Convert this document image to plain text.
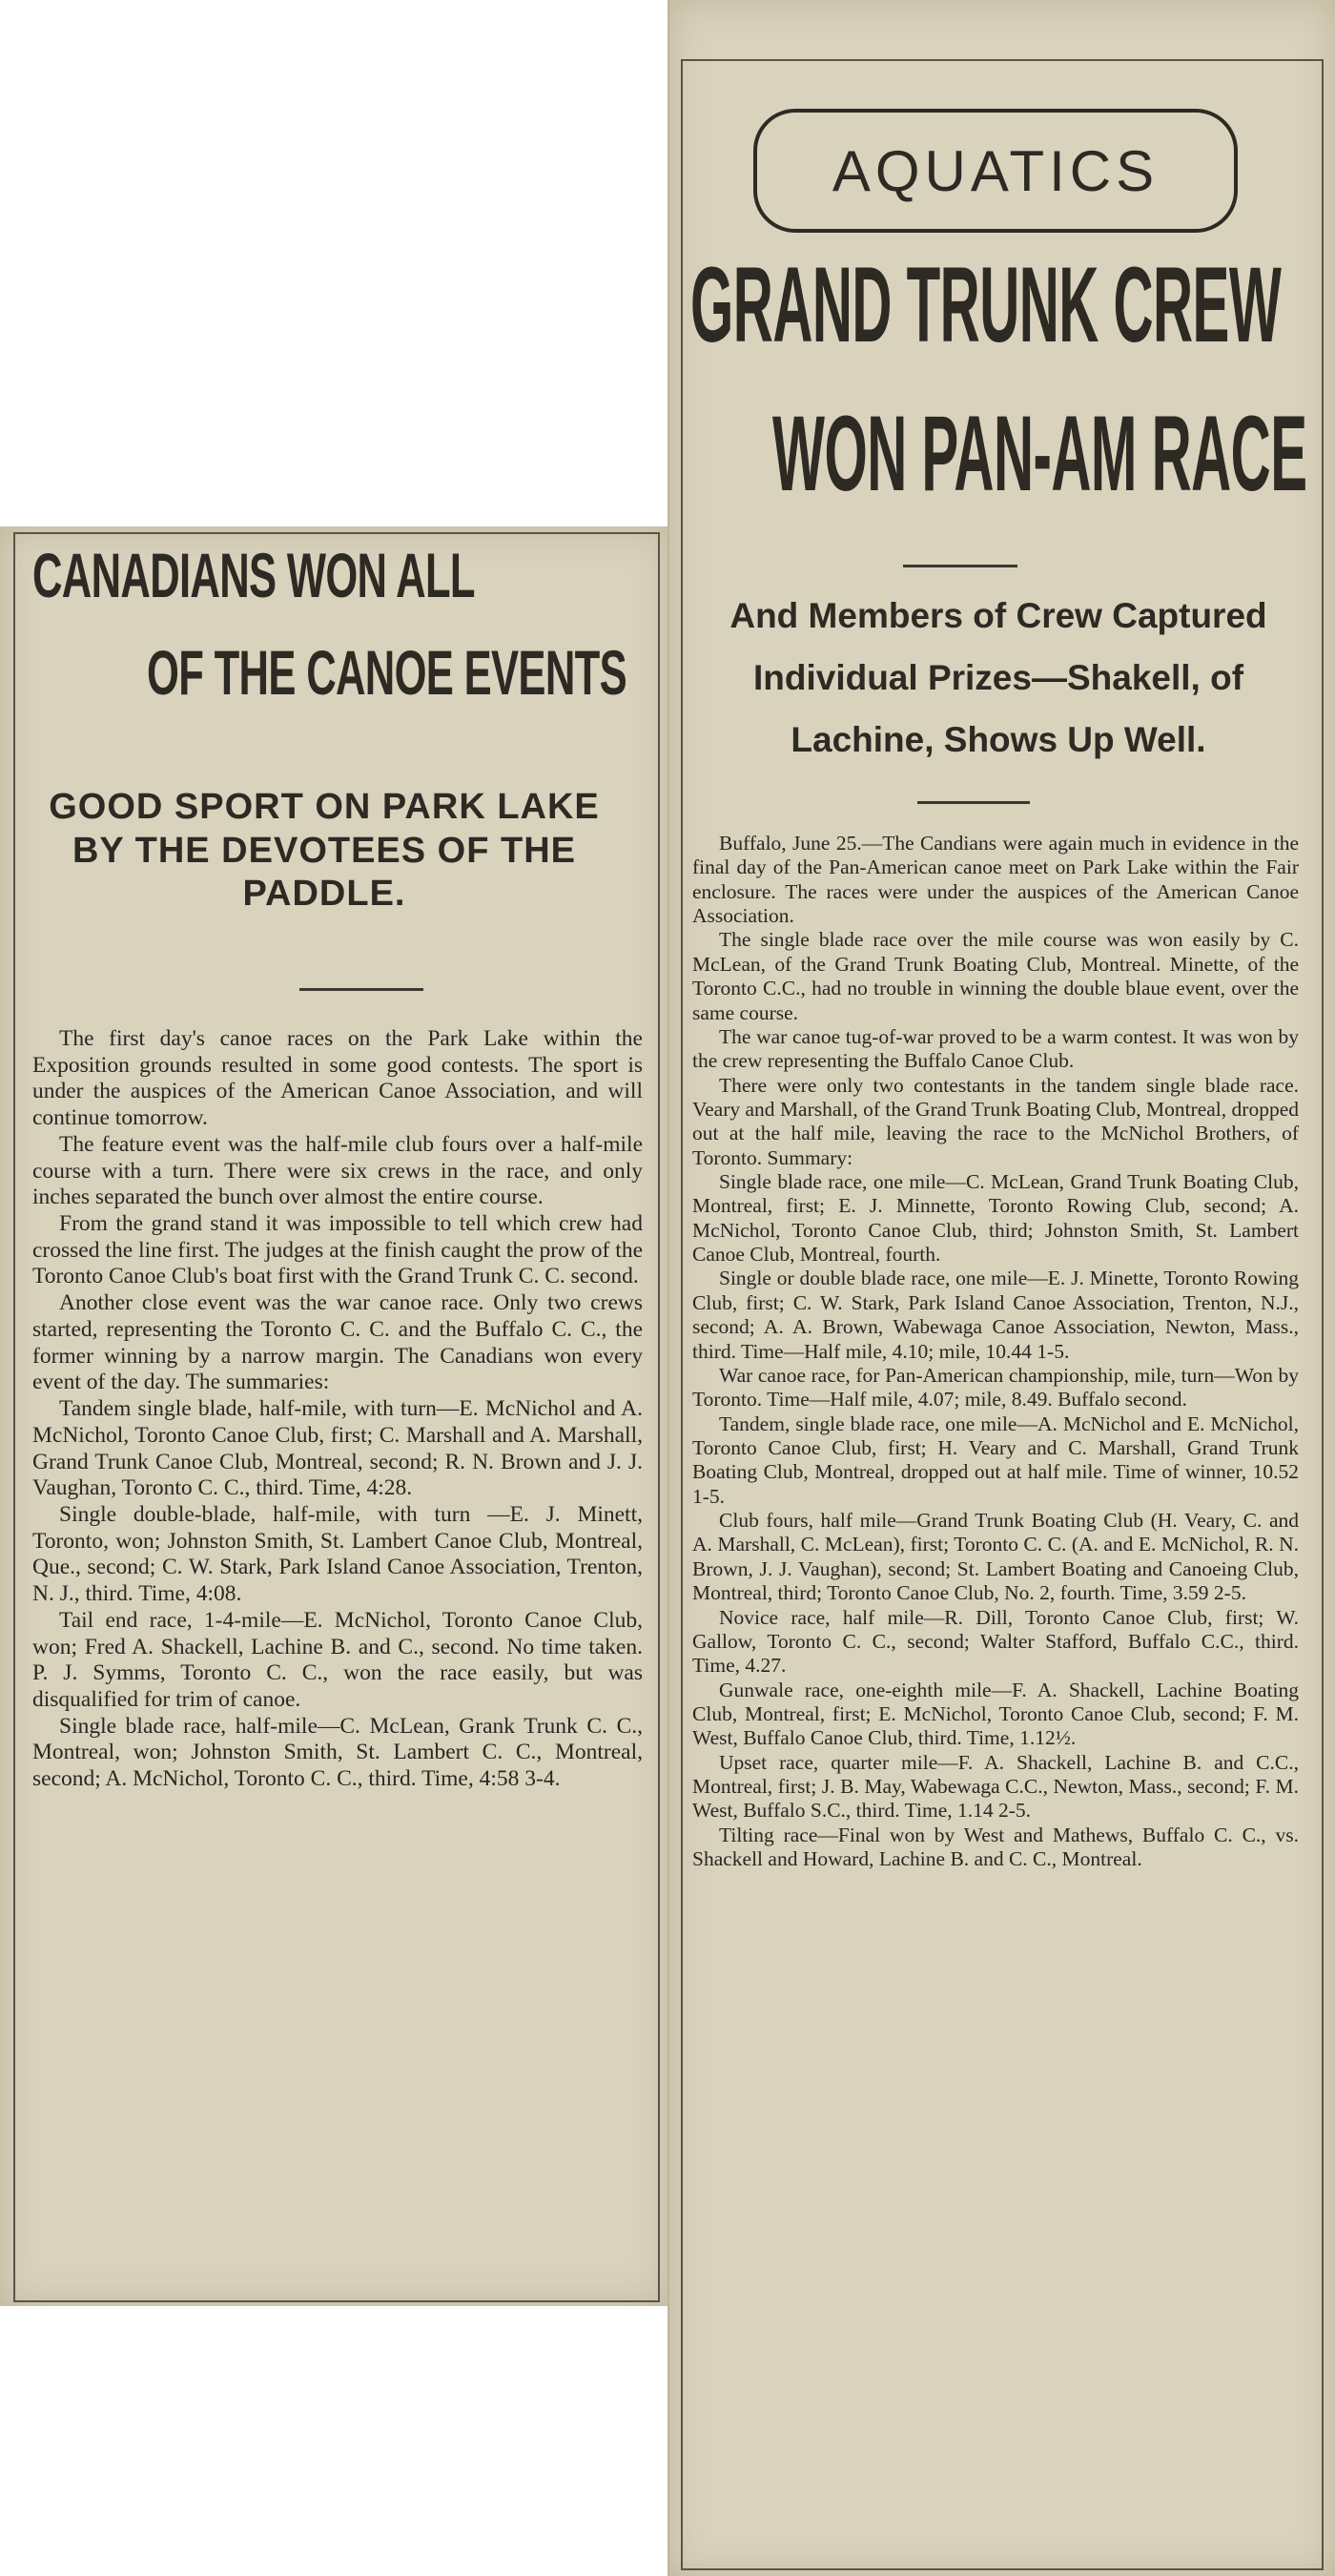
CANADIANS WON ALL
OF THE CANOE EVENTS
GOOD SPORT ON PARK LAKE BY THE DEVOTEES OF THE PADDLE.

The first day's canoe races on the Park Lake within the Exposition grounds resulted in some good contests. The sport is under the auspices of the American Canoe Association, and will continue tomorrow.

The feature event was the half-mile club fours over a half-mile course with a turn. There were six crews in the race, and only inches separated the bunch over almost the entire course.

From the grand stand it was impossible to tell which crew had crossed the line first. The judges at the finish caught the prow of the Toronto Canoe Club's boat first with the Grand Trunk C. C. second.

Another close event was the war canoe race. Only two crews started, representing the Toronto C. C. and the Buffalo C. C., the former winning by a narrow margin. The Canadians won every event of the day. The summaries:

Tandem single blade, half-mile, with turn—E. McNichol and A. McNichol, Toronto Canoe Club, first; C. Marshall and A. Marshall, Grand Trunk Canoe Club, Montreal, second; R. N. Brown and J. J. Vaughan, Toronto C. C., third. Time, 4:28.

Single double-blade, half-mile, with turn —E. J. Minett, Toronto, won; Johnston Smith, St. Lambert Canoe Club, Montreal, Que., second; C. W. Stark, Park Island Canoe Association, Trenton, N. J., third. Time, 4:08.

Tail end race, 1-4-mile—E. McNichol, Toronto Canoe Club, won; Fred A. Shackell, Lachine B. and C., second. No time taken. P. J. Symms, Toronto C. C., won the race easily, but was disqualified for trim of canoe.

Single blade race, half-mile—C. McLean, Grank Trunk C. C., Montreal, won; Johnston Smith, St. Lambert C. C., Montreal, second; A. McNichol, Toronto C. C., third. Time, 4:58 3-4.

AQUATICS
GRAND TRUNK CREW
WON PAN-AM RACE
And Members of Crew Captured Individual Prizes—Shakell, of Lachine, Shows Up Well.

Buffalo, June 25.—The Candians were again much in evidence in the final day of the Pan-American canoe meet on Park Lake within the Fair enclosure. The races were under the auspices of the American Canoe Association.

The single blade race over the mile course was won easily by C. McLean, of the Grand Trunk Boating Club, Montreal. Minette, of the Toronto C.C., had no trouble in winning the double blaue event, over the same course.

The war canoe tug-of-war proved to be a warm contest. It was won by the crew representing the Buffalo Canoe Club.

There were only two contestants in the tandem single blade race. Veary and Marshall, of the Grand Trunk Boating Club, Montreal, dropped out at the half mile, leaving the race to the McNichol Brothers, of Toronto. Summary:

Single blade race, one mile—C. McLean, Grand Trunk Boating Club, Montreal, first; E. J. Minnette, Toronto Rowing Club, second; A. McNichol, Toronto Canoe Club, third; Johnston Smith, St. Lambert Canoe Club, Montreal, fourth.

Single or double blade race, one mile—E. J. Minette, Toronto Rowing Club, first; C. W. Stark, Park Island Canoe Association, Trenton, N.J., second; A. A. Brown, Wabewaga Canoe Association, Newton, Mass., third. Time—Half mile, 4.10; mile, 10.44 1-5.

War canoe race, for Pan-American championship, mile, turn—Won by Toronto. Time—Half mile, 4.07; mile, 8.49. Buffalo second.

Tandem, single blade race, one mile—A. McNichol and E. McNichol, Toronto Canoe Club, first; H. Veary and C. Marshall, Grand Trunk Boating Club, Montreal, dropped out at half mile. Time of winner, 10.52 1-5.

Club fours, half mile—Grand Trunk Boating Club (H. Veary, C. and A. Marshall, C. McLean), first; Toronto C. C. (A. and E. McNichol, R. N. Brown, J. J. Vaughan), second; St. Lambert Boating and Canoeing Club, Montreal, third; Toronto Canoe Club, No. 2, fourth. Time, 3.59 2-5.

Novice race, half mile—R. Dill, Toronto Canoe Club, first; W. Gallow, Toronto C. C., second; Walter Stafford, Buffalo C.C., third. Time, 4.27.

Gunwale race, one-eighth mile—F. A. Shackell, Lachine Boating Club, Montreal, first; E. McNichol, Toronto Canoe Club, second; F. M. West, Buffalo Canoe Club, third. Time, 1.12½.

Upset race, quarter mile—F. A. Shackell, Lachine B. and C.C., Montreal, first; J. B. May, Wabewaga C.C., Newton, Mass., second; F. M. West, Buffalo S.C., third. Time, 1.14 2-5.

Tilting race—Final won by West and Mathews, Buffalo C. C., vs. Shackell and Howard, Lachine B. and C. C., Montreal.
